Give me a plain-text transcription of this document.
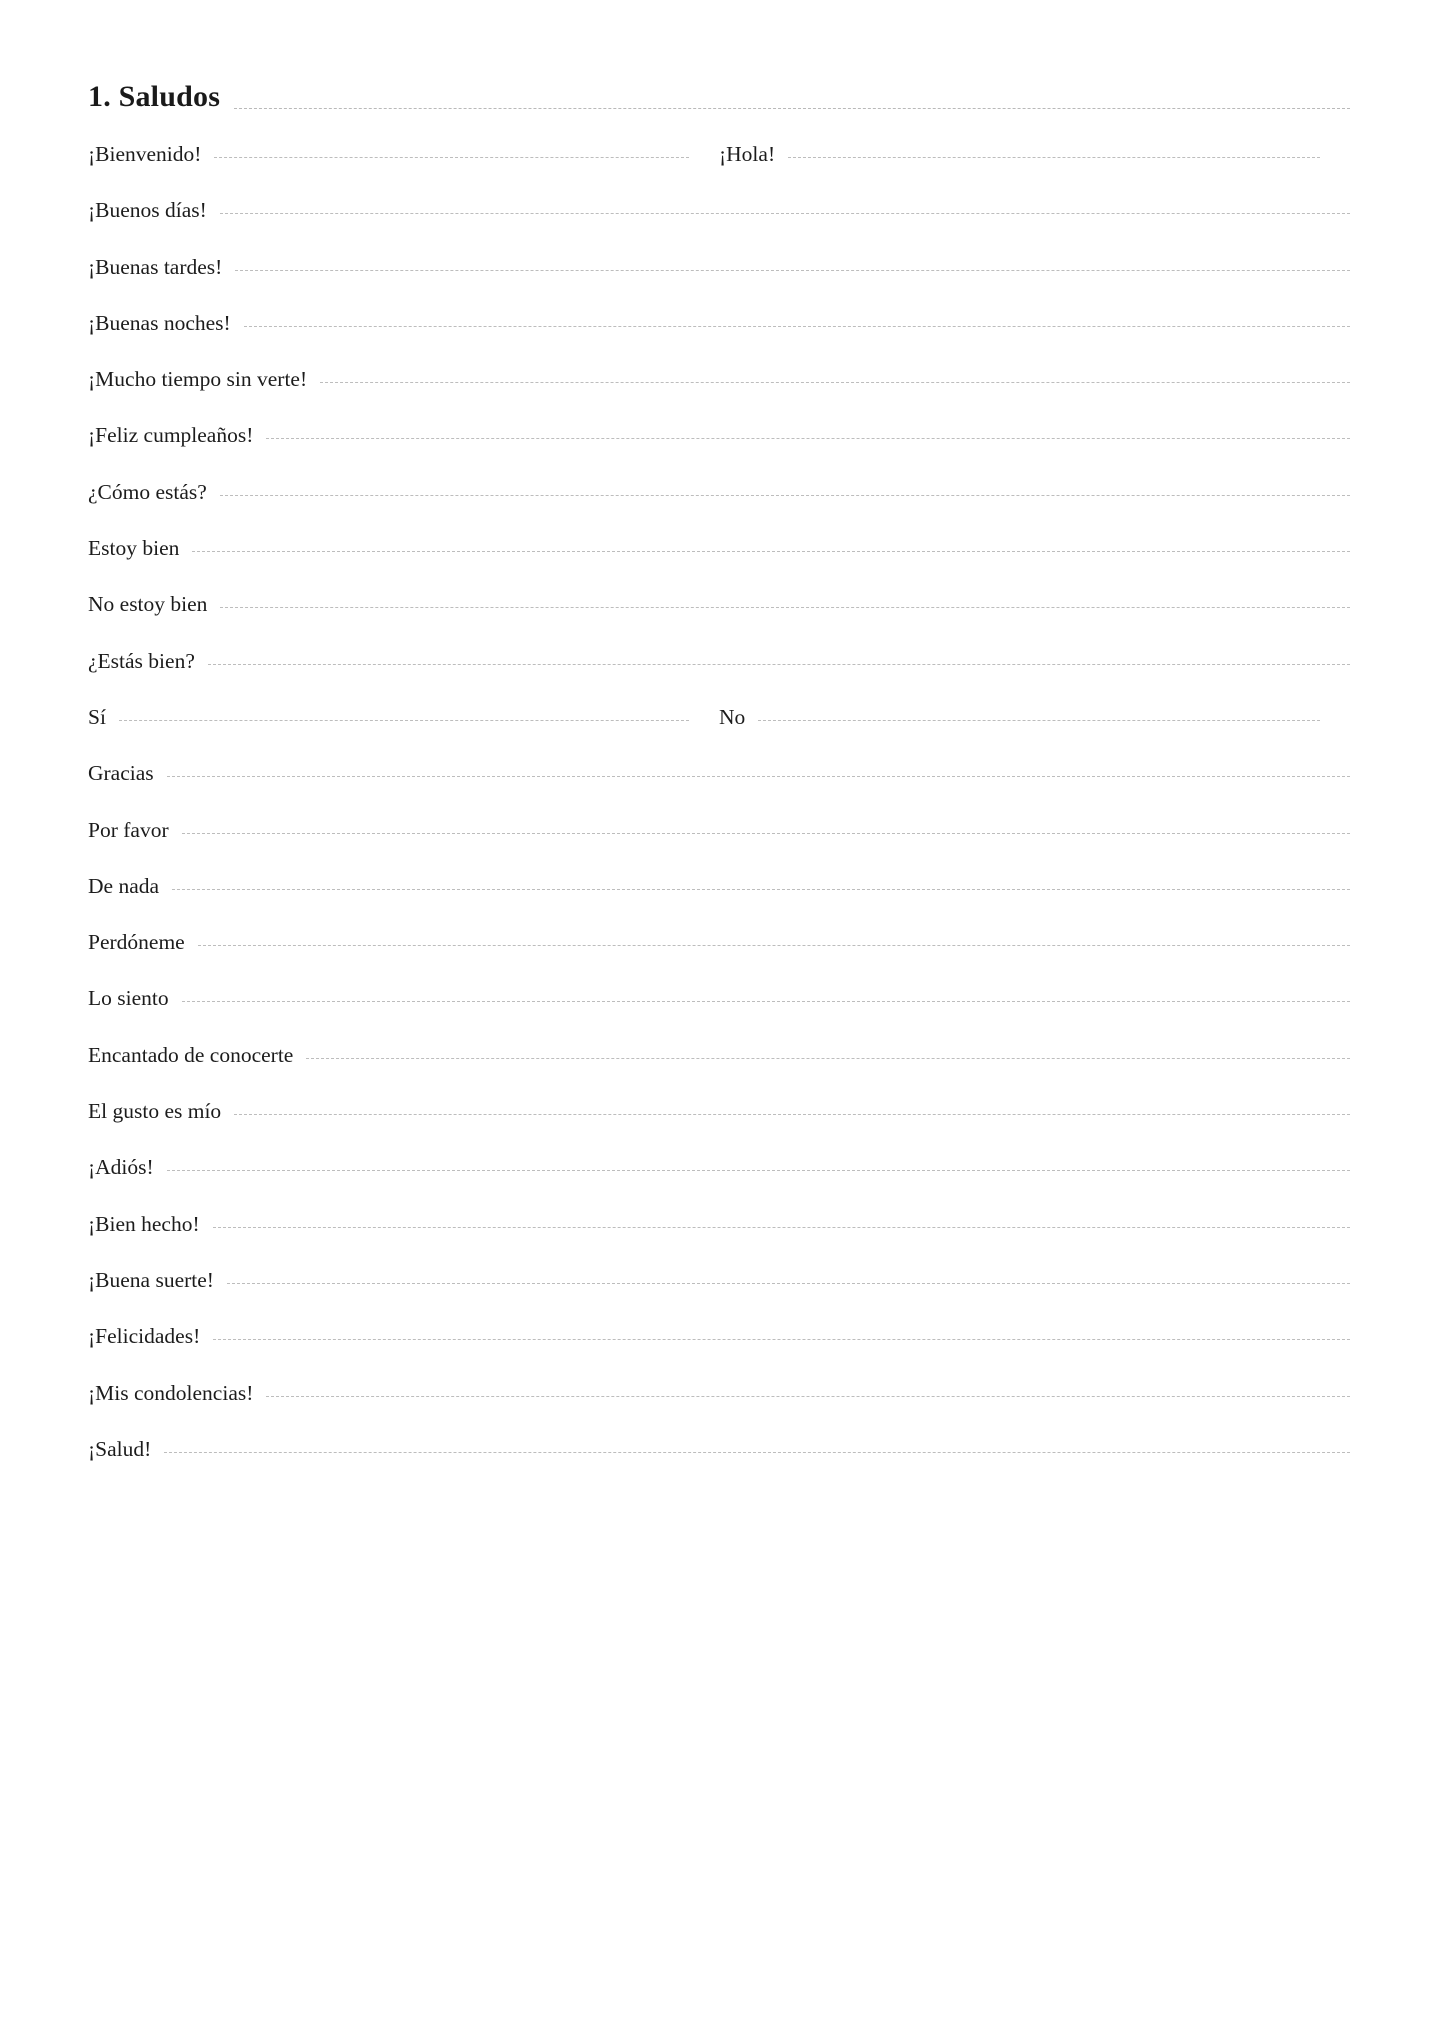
1. Saludos
¡Bienvenido!	¡Hola!
¡Buenos días!
¡Buenas tardes!
¡Buenas noches!
¡Mucho tiempo sin verte!
¡Feliz cumpleaños!
¿Cómo estás?
Estoy bien
No estoy bien
¿Estás bien?
Sí	No
Gracias
Por favor
De nada
Perdóneme
Lo siento
Encantado de conocerte
El gusto es mío
¡Adiós!
¡Bien hecho!
¡Buena suerte!
¡Felicidades!
¡Mis condolencias!
¡Salud!
